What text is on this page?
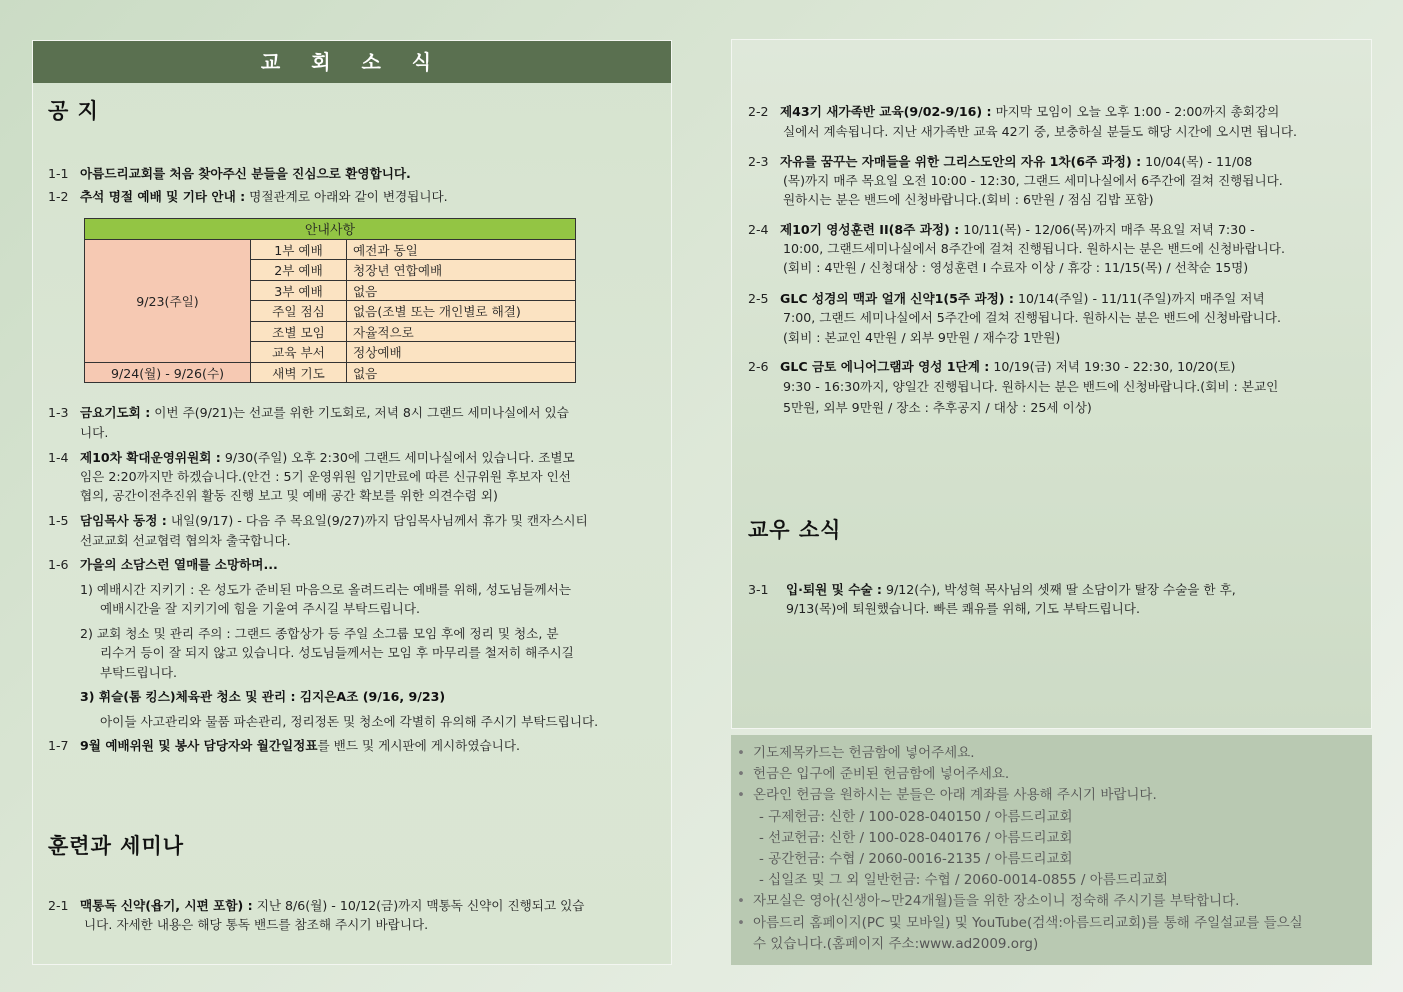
교 회 소 식
공 지
1-1 아름드리교회를 처음 찾아주신 분들을 진심으로 환영합니다.
1-2 추석 명절 예배 및 기타 안내 : 명절관계로 아래와 같이 변경됩니다.
안내사항		
9/23(주일)	1부 예배	예전과 동일
	2부 예배	청장년 연합예배
	3부 예배	없음
	주일 점심	없음(조별 또는 개인별로 해결)
	조별 모임	자율적으로
	교육 부서	정상예배
9/24(월) - 9/26(수)	새벽 기도	없음
1-3 금요기도회 : 이번 주(9/21)는 선교를 위한 기도회로, 저녁 8시 그랜드 세미나실에서 있습
니다.
1-4 제10차 확대운영위원회 : 9/30(주일) 오후 2:30에 그랜드 세미나실에서 있습니다. 조별모
임은 2:20까지만 하겠습니다.(안건 : 5기 운영위원 임기만료에 따른 신규위원 후보자 인선
협의, 공간이전추진위 활동 진행 보고 및 예배 공간 확보를 위한 의견수렴 외)
1-5 담임목사 동정 : 내일(9/17) - 다음 주 목요일(9/27)까지 담임목사님께서 휴가 및 캔자스시티
선교교회 선교협력 협의차 출국합니다.
1-6 가을의 소담스런 열매를 소망하며...
1) 예배시간 지키기 : 온 성도가 준비된 마음으로 올려드리는 예배를 위해, 성도님들께서는
예배시간을 잘 지키기에 힘을 기울여 주시길 부탁드립니다.
2) 교회 청소 및 관리 주의 : 그랜드 종합상가 등 주일 소그룹 모임 후에 정리 및 청소, 분
리수거 등이 잘 되지 않고 있습니다. 성도님들께서는 모임 후 마무리를 철저히 해주시길
부탁드립니다.
3) 휘슬(톰 킹스)체육관 청소 및 관리 : 김지은A조 (9/16, 9/23)
아이들 사고관리와 물품 파손관리, 정리정돈 및 청소에 각별히 유의해 주시기 부탁드립니다.
1-7 9월 예배위원 및 봉사 담당자와 월간일정표를 밴드 및 게시판에 게시하였습니다.
훈련과 세미나
2-1 맥통독 신약(욥기, 시편 포함) : 지난 8/6(월) - 10/12(금)까지 맥통독 신약이 진행되고 있습
니다. 자세한 내용은 해당 통독 밴드를 참조해 주시기 바랍니다.
2-2 제43기 새가족반 교육(9/02-9/16) : 마지막 모임이 오늘 오후 1:00 - 2:00까지 총회강의
실에서 계속됩니다. 지난 새가족반 교육 42기 중, 보충하실 분들도 해당 시간에 오시면 됩니다.
2-3 자유를 꿈꾸는 자매들을 위한 그리스도안의 자유 1차(6주 과정) : 10/04(목) - 11/08
(목)까지 매주 목요일 오전 10:00 - 12:30, 그랜드 세미나실에서 6주간에 걸쳐 진행됩니다.
원하시는 분은 밴드에 신청바랍니다.(회비 : 6만원 / 점심 김밥 포함)
2-4 제10기 영성훈련 II(8주 과정) : 10/11(목) - 12/06(목)까지 매주 목요일 저녁 7:30 -
10:00, 그랜드세미나실에서 8주간에 걸쳐 진행됩니다. 원하시는 분은 밴드에 신청바랍니다.
(회비 : 4만원 / 신청대상 : 영성훈련 I 수료자 이상 / 휴강 : 11/15(목) / 선착순 15명)
2-5 GLC 성경의 맥과 얼개 신약1(5주 과정) : 10/14(주일) - 11/11(주일)까지 매주일 저녁
7:00, 그랜드 세미나실에서 5주간에 걸쳐 진행됩니다. 원하시는 분은 밴드에 신청바랍니다.
(회비 : 본교인 4만원 / 외부 9만원 / 재수강 1만원)
2-6 GLC 금토 에니어그램과 영성 1단계 : 10/19(금) 저녁 19:30 - 22:30, 10/20(토)
9:30 - 16:30까지, 양일간 진행됩니다. 원하시는 분은 밴드에 신청바랍니다.(회비 : 본교인
5만원, 외부 9만원 / 장소 : 추후공지 / 대상 : 25세 이상)
교우 소식
3-1 입·퇴원 및 수술 : 9/12(수), 박성혁 목사님의 셋째 딸 소담이가 탈장 수술을 한 후,
9/13(목)에 퇴원했습니다. 빠른 쾌유를 위해, 기도 부탁드립니다.
• 기도제목카드는 헌금함에 넣어주세요.
• 헌금은 입구에 준비된 헌금함에 넣어주세요.
• 온라인 헌금을 원하시는 분들은 아래 계좌를 사용해 주시기 바랍니다.
- 구제헌금: 신한 / 100-028-040150 / 아름드리교회
- 선교헌금: 신한 / 100-028-040176 / 아름드리교회
- 공간헌금: 수협 / 2060-0016-2135 / 아름드리교회
- 십일조 및 그 외 일반헌금: 수협 / 2060-0014-0855 / 아름드리교회
• 자모실은 영아(신생아~만24개월)들을 위한 장소이니 정숙해 주시기를 부탁합니다.
• 아름드리 홈페이지(PC 및 모바일) 및 YouTube(검색:아름드리교회)를 통해 주일설교를 들으실
수 있습니다.(홈페이지 주소:www.ad2009.org)
